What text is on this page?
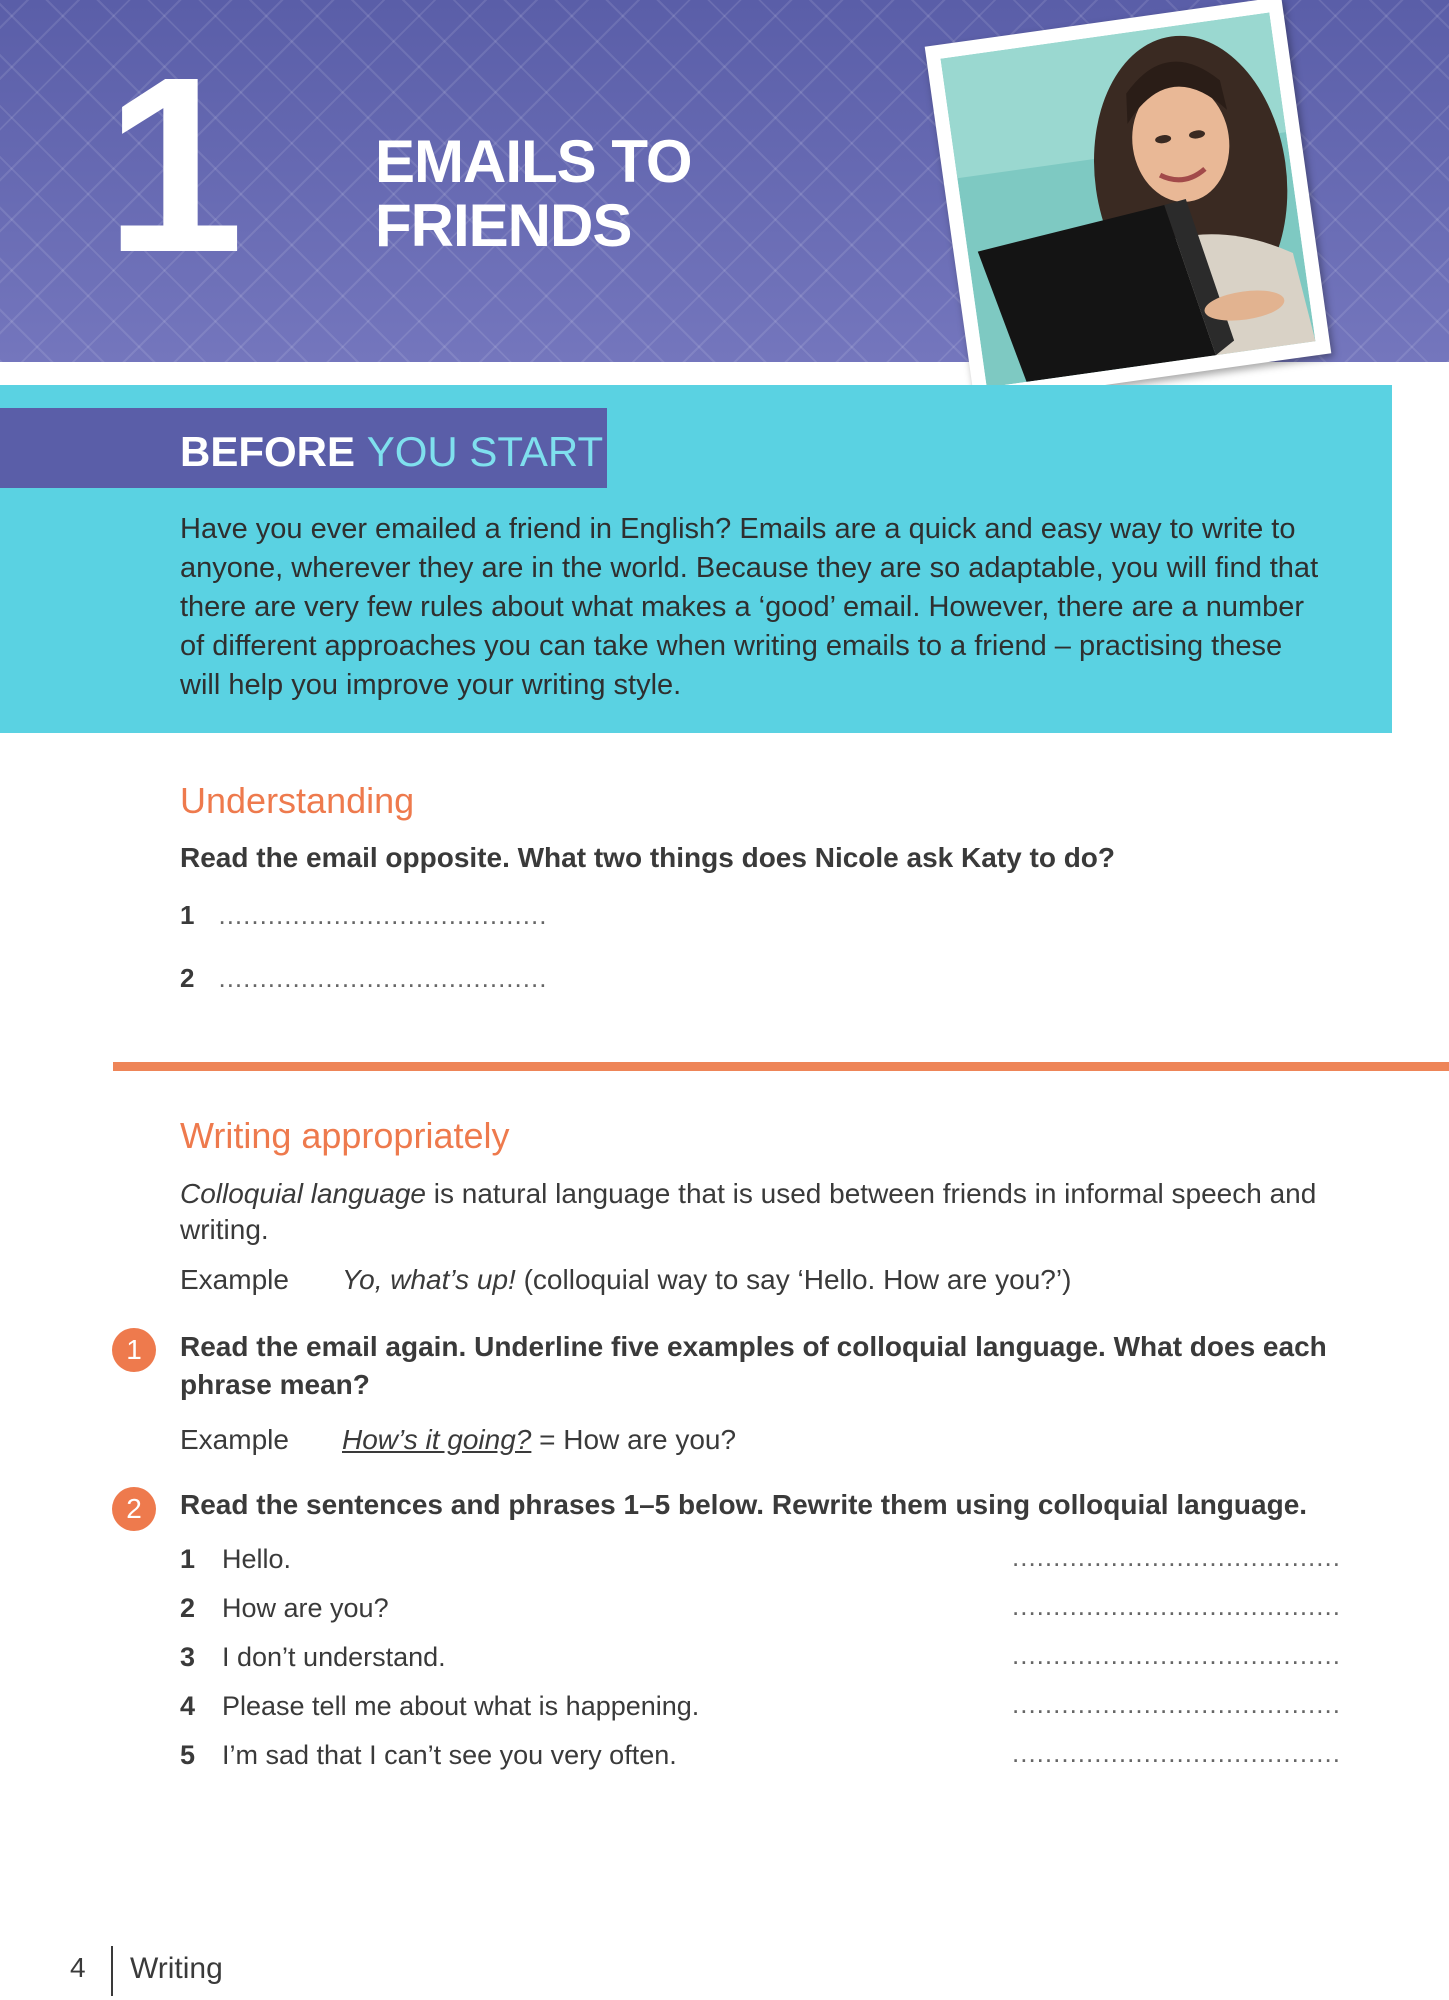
1 EMAILS TO
FRIENDS
BEFORE YOU START
Have you ever emailed a friend in English? Emails are a quick and easy way to write to anyone, wherever they are in the world. Because they are so adaptable, you will find that there are very few rules about what makes a ‘good’ email. However, there are a number of different approaches you can take when writing emails to a friend – practising these will help you improve your writing style.
Understanding
Read the email opposite. What two things does Nicole ask Katy to do?
1 ........................................
2 ........................................
Writing appropriately
Colloquial language is natural language that is used between friends in informal speech and writing.
Example Yo, what’s up! (colloquial way to say ‘Hello. How are you?’)
1	Read the email again. Underline five examples of colloquial language. What does each phrase mean?
Example How’s it going? = How are you?
2	Read the sentences and phrases 1–5 below. Rewrite them using colloquial language.
1 Hello.	........................................
2 How are you?	........................................
3 I don’t understand.	........................................
4 Please tell me about what is happening.	........................................
5 I’m sad that I can’t see you very often.	........................................
4 Writing
